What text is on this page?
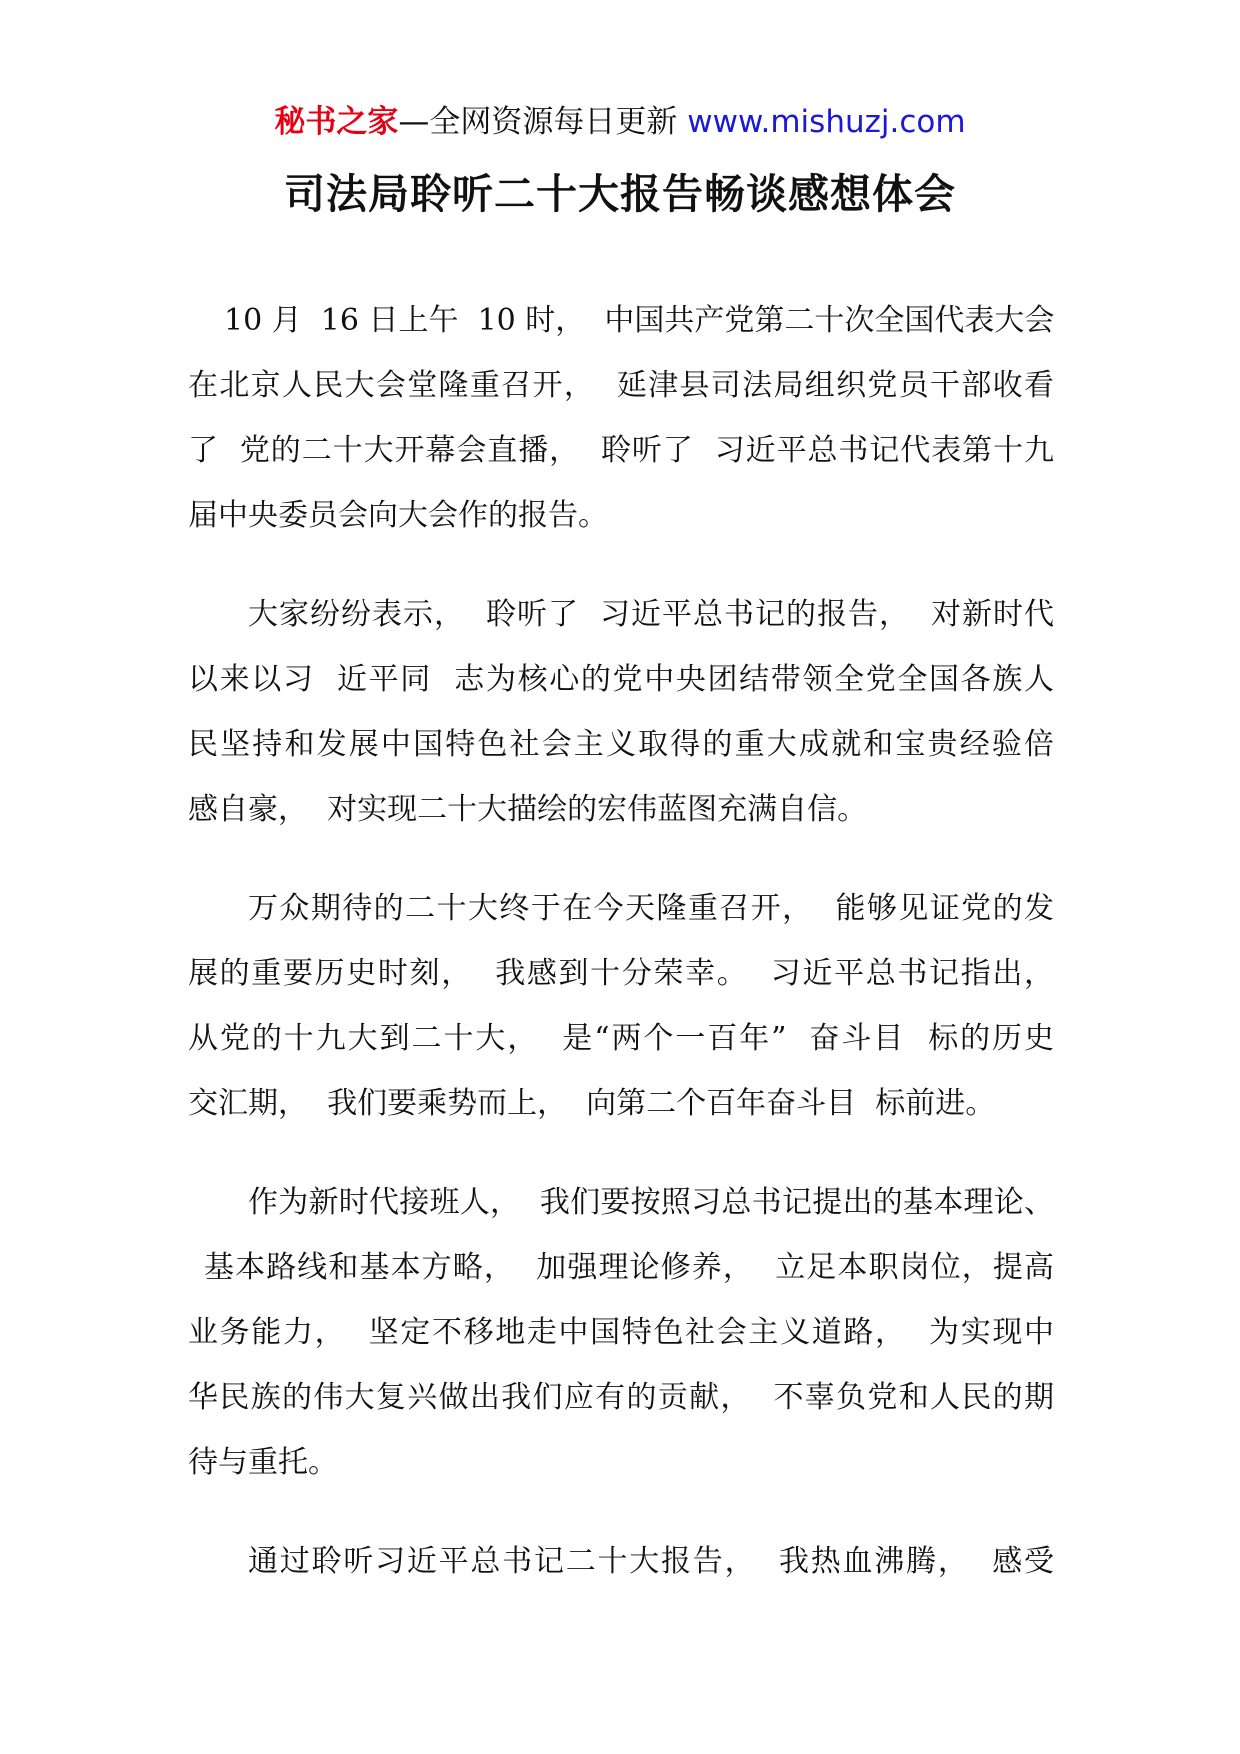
秘书之家—全网资源每日更新 www.mishuzj.com
司法局聆听二十大报告畅谈感想体会
10 月  16 日上午  10 时，  中国共产党第二十次全国代表大会
在北京人民大会堂隆重召开，  延津县司法局组织党员干部收看
了  党的二十大开幕会直播，  聆听了  习近平总书记代表第十九
届中央委员会向大会作的报告。
大家纷纷表示，  聆听了  习近平总书记的报告，  对新时代
以来以习  近平同  志为核心的党中央团结带领全党全国各族人
民坚持和发展中国特色社会主义取得的重大成就和宝贵经验倍
感自豪，  对实现二十大描绘的宏伟蓝图充满自信。
万众期待的二十大终于在今天隆重召开，  能够见证党的发
展的重要历史时刻，  我感到十分荣幸。  习近平总书记指出，
从党的十九大到二十大，  是“两个一百年”  奋斗目  标的历史
交汇期，  我们要乘势而上，  向第二个百年奋斗目  标前进。
作为新时代接班人，  我们要按照习总书记提出的基本理论、
基本路线和基本方略，  加强理论修养，  立足本职岗位，提高
业务能力，  坚定不移地走中国特色社会主义道路，  为实现中
华民族的伟大复兴做出我们应有的贡献，  不辜负党和人民的期
待与重托。
通过聆听习近平总书记二十大报告，  我热血沸腾，  感受
